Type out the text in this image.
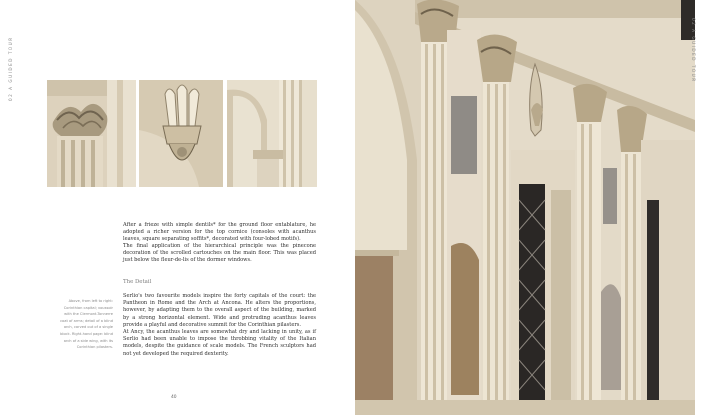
02 A GUIDED TOUR

After a frieze with simple dentils* for the ground floor entablature, he adopted a richer version for the top cornice (consoles with acanthus leaves, square separating soffits*, decorated with four-lobed motifs).

The final application of the hierarchical principle was the pinecone decoration of the scrolled cartouches on the main floor. This was placed just below the fleur-de-lis of the dormer windows.

The Detail

Serlio's two favourite models inspire the forty capitals of the court: the Pantheon in Rome and the Arch at Ancona. He alters the proportions, however, by adapting them to the overall aspect of the building, marked by a strong horizontal element. Wide and protruding acanthus leaves provide a playful and decorative summit for the Corinthian pilasters.

At Ancy, the acanthus leaves are somewhat dry and lacking in unity, as if Serlio had been unable to impose the throbbing vitality of the Italian models, despite the guidance of scale models. The French sculptors had not yet developed the required dexterity.

Above, from left to right: Corinthian capital; voussoir with the Clermont-Tonnerre coat of arms; detail of a blind arch, carved out of a single block. Right-hand page: blind arch of a side wing, with its Corinthian pilasters.

40
02 A GUIDED TOUR
